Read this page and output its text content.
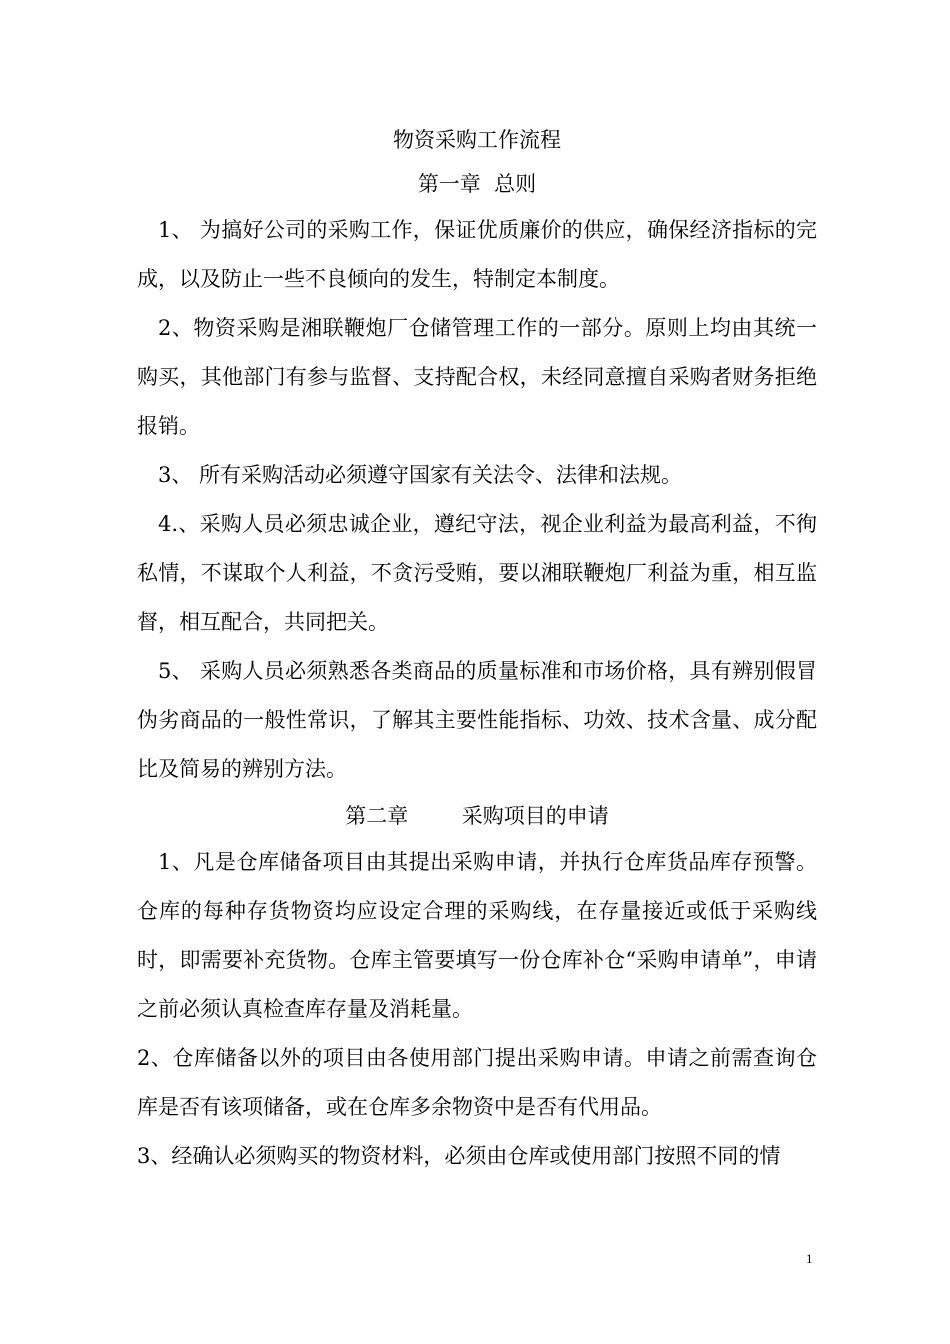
物资采购工作流程

第一章  总则

1、 为搞好公司的采购工作，保证优质廉价的供应，确保经济指标的完成，以及防止一些不良倾向的发生，特制定本制度。

2、物资采购是湘联鞭炮厂仓储管理工作的一部分。原则上均由其统一购买，其他部门有参与监督、支持配合权，未经同意擅自采购者财务拒绝报销。

3、 所有采购活动必须遵守国家有关法令、法律和法规。

4.、采购人员必须忠诚企业，遵纪守法，视企业利益为最高利益，不徇私情，不谋取个人利益，不贪污受贿，要以湘联鞭炮厂利益为重，相互监督，相互配合，共同把关。

5、 采购人员必须熟悉各类商品的质量标准和市场价格，具有辨别假冒伪劣商品的一般性常识，了解其主要性能指标、功效、技术含量、成分配比及简易的辨别方法。

第二章        采购项目的申请

1、凡是仓库储备项目由其提出采购申请，并执行仓库货品库存预警。仓库的每种存货物资均应设定合理的采购线，在存量接近或低于采购线时，即需要补充货物。仓库主管要填写一份仓库补仓“采购申请单”，申请之前必须认真检查库存量及消耗量。

2、仓库储备以外的项目由各使用部门提出采购申请。申请之前需查询仓库是否有该项储备，或在仓库多余物资中是否有代用品。

3、经确认必须购买的物资材料，必须由仓库或使用部门按照不同的情

1
